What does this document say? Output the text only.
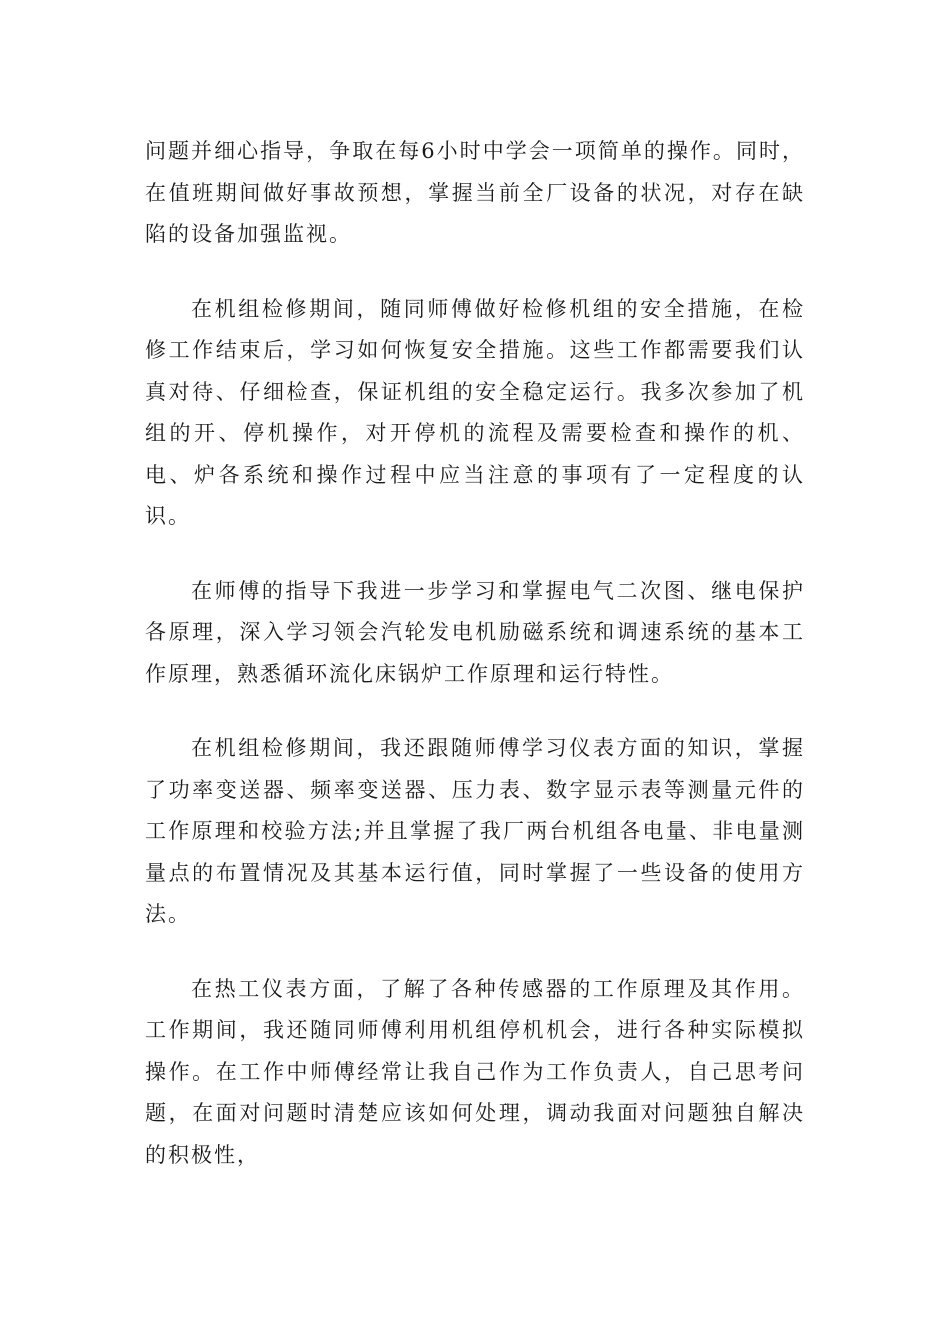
问题并细心指导，争取在每6小时中学会一项简单的操作。同时，在值班期间做好事故预想，掌握当前全厂设备的状况，对存在缺陷的设备加强监视。

在机组检修期间，随同师傅做好检修机组的安全措施，在检修工作结束后，学习如何恢复安全措施。这些工作都需要我们认真对待、仔细检查，保证机组的安全稳定运行。我多次参加了机组的开、停机操作，对开停机的流程及需要检查和操作的机、电、炉各系统和操作过程中应当注意的事项有了一定程度的认识。

在师傅的指导下我进一步学习和掌握电气二次图、继电保护各原理，深入学习领会汽轮发电机励磁系统和调速系统的基本工作原理，熟悉循环流化床锅炉工作原理和运行特性。

在机组检修期间，我还跟随师傅学习仪表方面的知识，掌握了功率变送器、频率变送器、压力表、数字显示表等测量元件的工作原理和校验方法;并且掌握了我厂两台机组各电量、非电量测量点的布置情况及其基本运行值，同时掌握了一些设备的使用方法。

在热工仪表方面，了解了各种传感器的工作原理及其作用。工作期间，我还随同师傅利用机组停机机会，进行各种实际模拟操作。在工作中师傅经常让我自己作为工作负责人，自己思考问题，在面对问题时清楚应该如何处理，调动我面对问题独自解决的积极性，
